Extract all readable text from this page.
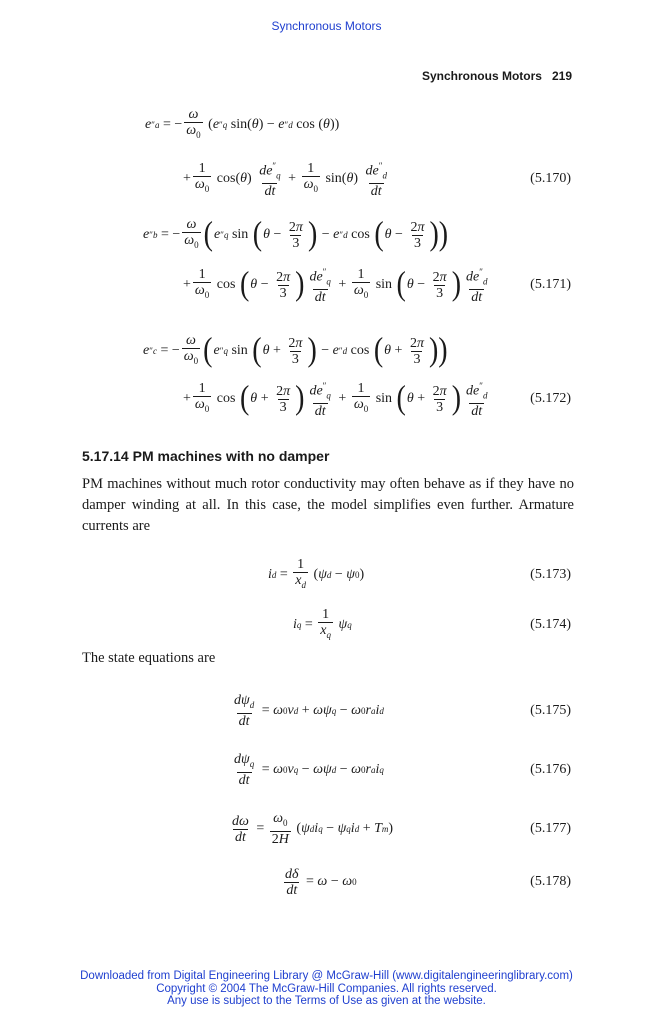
Synchronous Motors
Synchronous Motors 219
e ″ a = − $\frac{\omega}{\omega_0}$ ( e ″ q sin( θ ) − e ″ d cos ( θ ))
+ $\frac{1}{\omega_0} \cos$( θ ) $\frac{de''_q}{dt} + \frac{1}{\omega_0} \sin$( θ ) $\frac{de''_d}{dt}$	(5.170)
e ″ b = − $\frac{\omega}{\omega_0}$ ( e ″ q sin ( $\theta - \frac{2\pi}{3}$ ) − e ″ d cos ( $\theta - \frac{2\pi}{3}$ ))
+ $\frac{1}{\omega_0}$ cos ( $\theta - \frac{2\pi}{3}$ ) $\frac{de''_q}{dt} + \frac{1}{\omega_0}$ sin ( $\theta - \frac{2\pi}{3}$ ) $\frac{de''_d}{dt}$	(5.171)
e ″ c = − $\frac{\omega}{\omega_0}$ ( e ″ q sin ( $\theta + \frac{2\pi}{3}$ ) − e ″ d cos ( $\theta + \frac{2\pi}{3}$ ))
+ $\frac{1}{\omega_0}$ cos ( $\theta + \frac{2\pi}{3}$ ) $\frac{de''_q}{dt} + \frac{1}{\omega_0}$ sin ( $\theta + \frac{2\pi}{3}$ ) $\frac{de''_d}{dt}$	(5.172)
5.17.14 PM machines with no damper
PM machines without much rotor conductivity may often behave as if they have no damper winding at all. In this case, the model simplifies even further. Armature currents are
i $d = \frac{1}{x_d}$ ( ψ d − ψ 0 )	(5.173)
i $q = \frac{1}{x_q}$
ψ q	(5.174)
The state equations are
$\frac{d\psi_d}{dt} = \omega$ 0 v d + ωψ q − ω 0 r a i d	(5.175)
$\frac{d\psi_q}{dt} = \omega$ 0 v q − ωψ d − ω 0 r a i q	(5.176)
$\frac{d\omega}{dt} = \frac{\omega_0}{2H}$ ( ψ d i q − ψ q i d + T m )	(5.177)
$\frac{d\delta}{dt} = \omega - \omega$ 0	(5.178)
Downloaded from Digital Engineering Library @ McGraw-Hill (www.digitalengineeringlibrary.com)
Copyright © 2004 The McGraw-Hill Companies. All rights reserved.
Any use is subject to the Terms of Use as given at the website.
